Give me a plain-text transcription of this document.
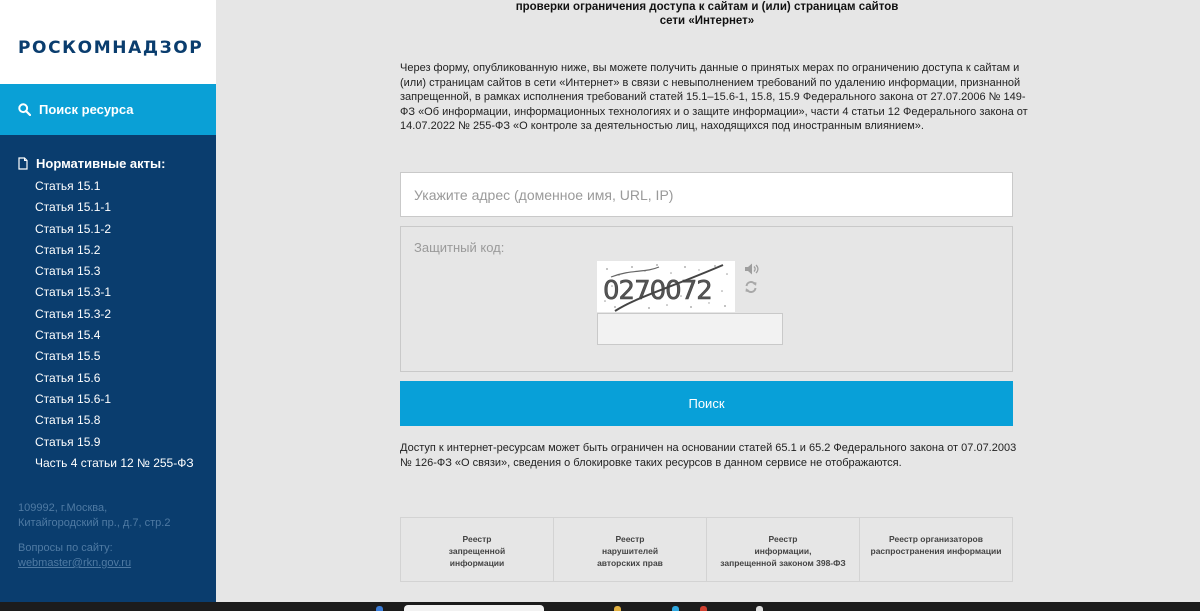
РОСКОМНАДЗОР
Поиск ресурса
Нормативные акты:
Статья 15.1
Статья 15.1-1
Статья 15.1-2
Статья 15.2
Статья 15.3
Статья 15.3-1
Статья 15.3-2
Статья 15.4
Статья 15.5
Статья 15.6
Статья 15.6-1
Статья 15.8
Статья 15.9
Часть 4 статьи 12 № 255-ФЗ
109992, г.Москва,
Китайгородский пр., д.7, стр.2
Вопросы по сайту:
webmaster@rkn.gov.ru
проверки ограничения доступа к сайтам и (или) страницам сайтов
сети «Интернет»

Через форму, опубликованную ниже, вы можете получить данные о принятых мерах по ограничению доступа к сайтам и (или) страницам сайтов в сети «Интернет» в связи с невыполнением требований по удалению информации, признанной запрещенной, в рамках исполнения требований статей 15.1–15.6-1, 15.8, 15.9 Федерального закона от 27.07.2006 № 149-ФЗ «Об информации, информационных технологиях и о защите информации», части 4 статьи 12 Федерального закона от 14.07.2022 № 255-ФЗ «О контроле за деятельностью лиц, находящихся под иностранным влиянием».

Укажите адрес (доменное имя, URL, IP)
Защитный код:
0270072
Поиск

Доступ к интернет-ресурсам может быть ограничен на основании статей 65.1 и 65.2 Федерального закона от 07.07.2003 № 126-ФЗ «О связи», сведения о блокировке таких ресурсов в данном сервисе не отображаются.

Реестр
запрещенной
информации
Реестр
нарушителей
авторских прав
Реестр
информации,
запрещенной законом 398-ФЗ
Реестр организаторов
распространения информации
